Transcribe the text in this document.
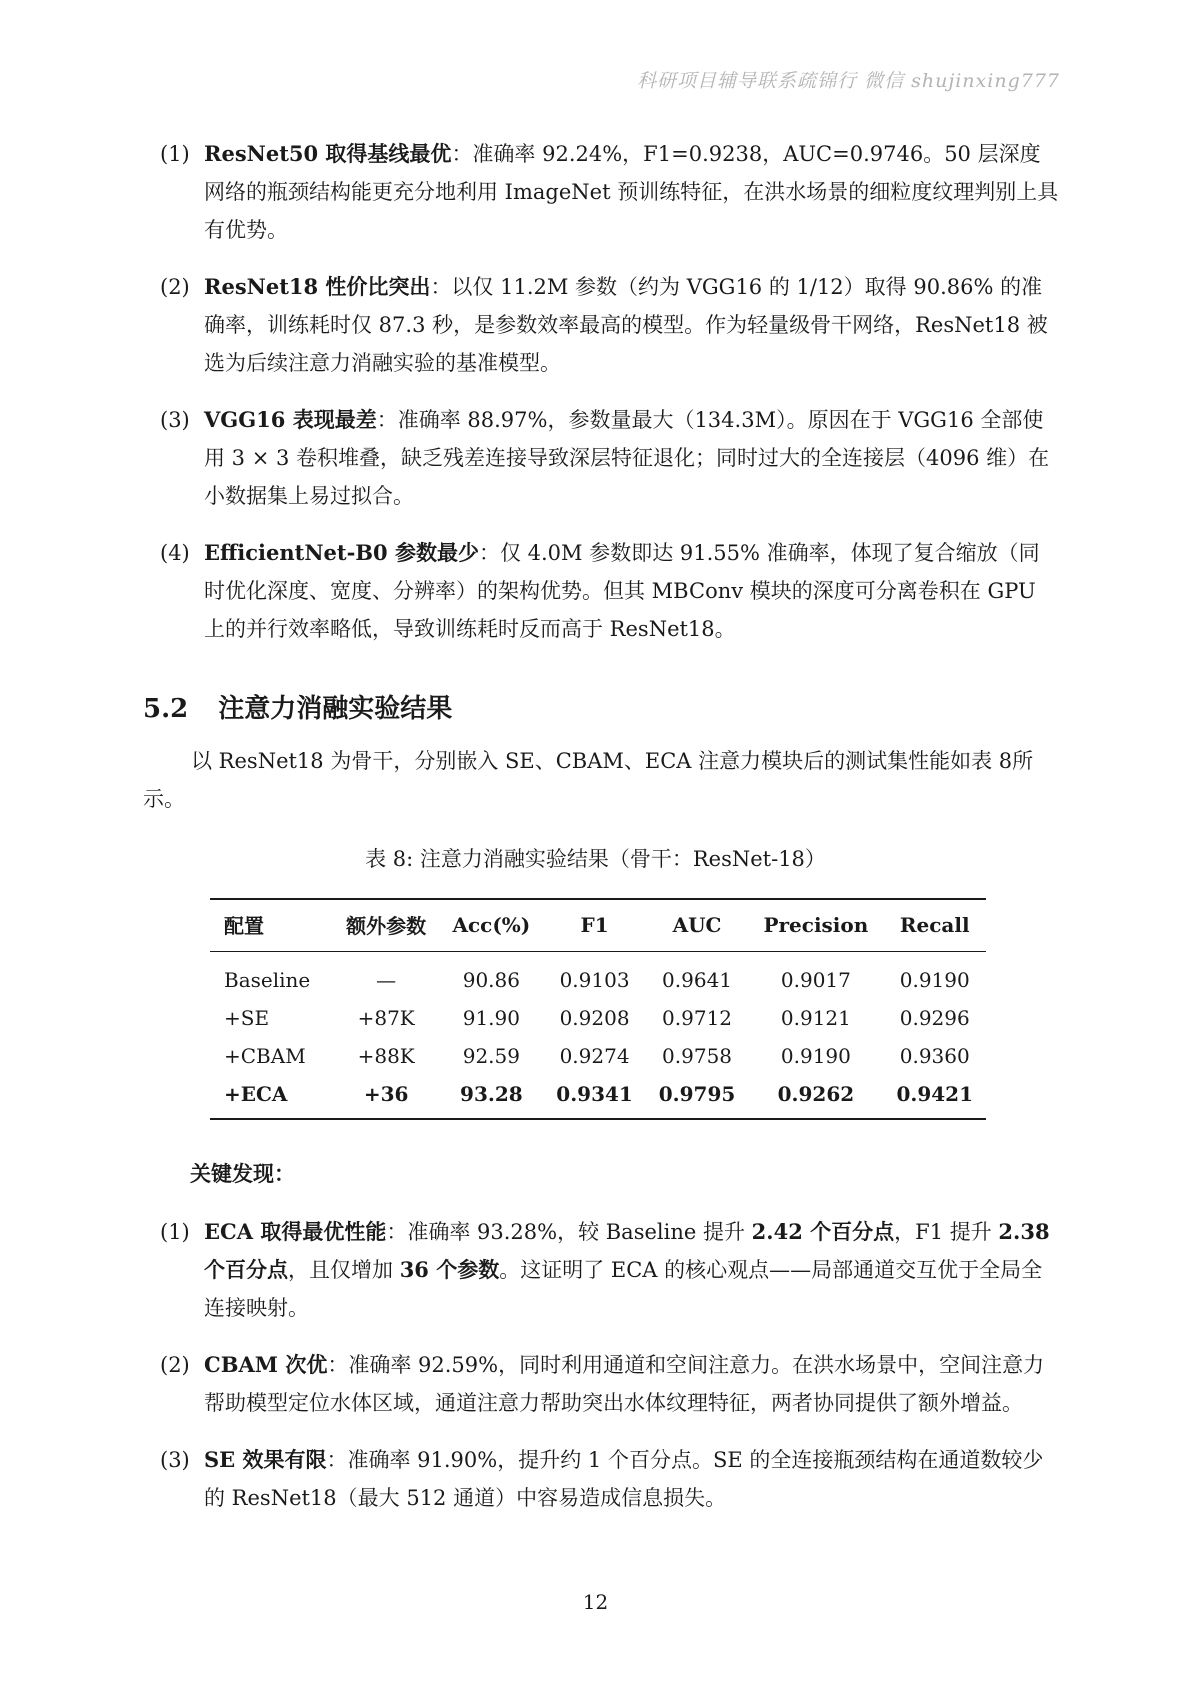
科研项目辅导联系疏锦行 微信 shujinxing777
(1) ResNet50 取得基线最优：准确率 92.24%，F1=0.9238，AUC=0.9746。50 层深度网络的瓶颈结构能更充分地利用 ImageNet 预训练特征，在洪水场景的细粒度纹理判别上具有优势。
(2) ResNet18 性价比突出：以仅 11.2M 参数（约为 VGG16 的 1/12）取得 90.86% 的准确率，训练耗时仅 87.3 秒，是参数效率最高的模型。作为轻量级骨干网络，ResNet18 被选为后续注意力消融实验的基准模型。
(3) VGG16 表现最差：准确率 88.97%，参数量最大（134.3M）。原因在于 VGG16 全部使用 3 × 3 卷积堆叠，缺乏残差连接导致深层特征退化；同时过大的全连接层（4096 维）在小数据集上易过拟合。
(4) EfficientNet-B0 参数最少：仅 4.0M 参数即达 91.55% 准确率，体现了复合缩放（同时优化深度、宽度、分辨率）的架构优势。但其 MBConv 模块的深度可分离卷积在 GPU 上的并行效率略低，导致训练耗时反而高于 ResNet18。
5.2 注意力消融实验结果
以 ResNet18 为骨干，分别嵌入 SE、CBAM、ECA 注意力模块后的测试集性能如表 8所示。
表 8: 注意力消融实验结果（骨干：ResNet-18）
配置	额外参数	Acc(%)	F1	AUC	Precision	Recall
Baseline	—	90.86	0.9103	0.9641	0.9017	0.9190
+SE	+87K	91.90	0.9208	0.9712	0.9121	0.9296
+CBAM	+88K	92.59	0.9274	0.9758	0.9190	0.9360
+ECA	+36	93.28	0.9341	0.9795	0.9262	0.9421
关键发现：
(1) ECA 取得最优性能：准确率 93.28%，较 Baseline 提升 2.42 个百分点，F1 提升 2.38 个百分点，且仅增加 36 个参数。这证明了 ECA 的核心观点——局部通道交互优于全局全连接映射。
(2) CBAM 次优：准确率 92.59%，同时利用通道和空间注意力。在洪水场景中，空间注意力帮助模型定位水体区域，通道注意力帮助突出水体纹理特征，两者协同提供了额外增益。
(3) SE 效果有限：准确率 91.90%，提升约 1 个百分点。SE 的全连接瓶颈结构在通道数较少的 ResNet18（最大 512 通道）中容易造成信息损失。
12
